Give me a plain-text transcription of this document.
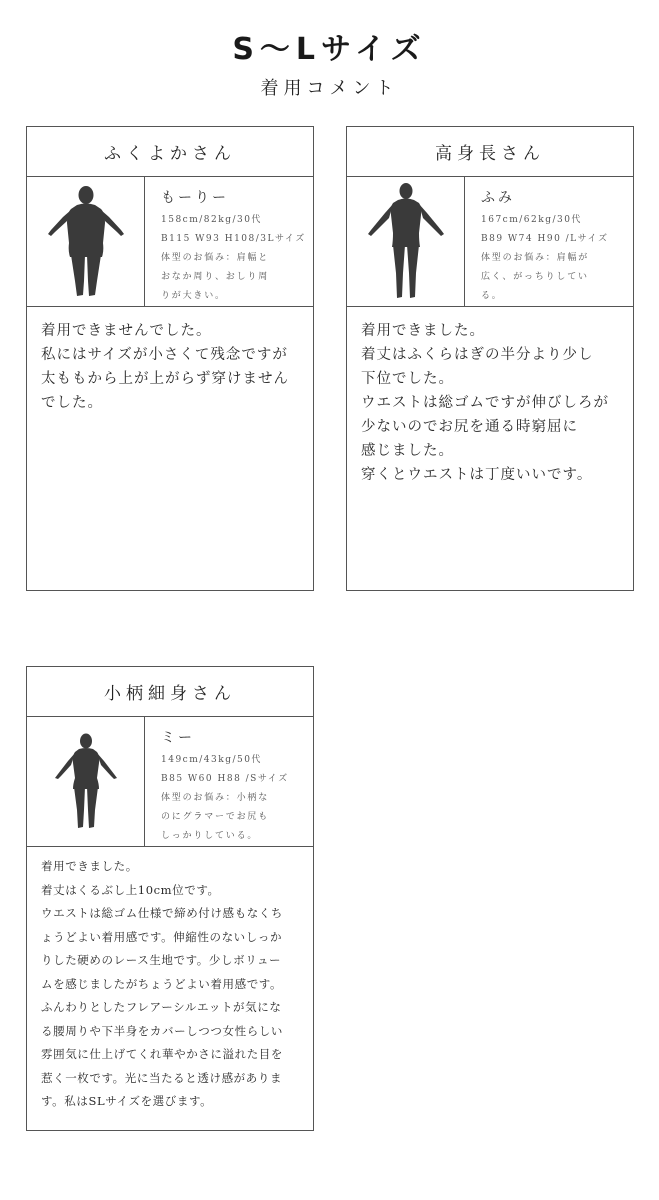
S～Lサイズ
着用コメント
ふくよかさん
もーりー
158cm/82kg/30代
B115 W93 H108/3Lサイズ
体型のお悩み：肩幅とおなか周り、おしり周りが大きい。

着用できませんでした。

私にはサイズが小さくて残念ですが

太ももから上が上がらず穿けません

でした。

高身長さん
ふみ
167cm/62kg/30代
B89 W74 H90 /Lサイズ
体型のお悩み：肩幅が広く、がっちりしている。

着用できました。

着丈はふくらはぎの半分より少し

下位でした。

ウエストは総ゴムですが伸びしろが

少ないのでお尻を通る時窮屈に

感じました。

穿くとウエストは丁度いいです。

小柄細身さん
ミー
149cm/43kg/50代
B85 W60 H88 /Sサイズ
体型のお悩み：小柄なのにグラマーでお尻もしっかりしている。

着用できました。

着丈はくるぶし上10cm位です。

ウエストは総ゴム仕様で締め付け感もなくち

ょうどよい着用感です。伸縮性のないしっか

りした硬めのレース生地です。少しボリュー

ムを感じましたがちょうどよい着用感です。

ふんわりとしたフレアーシルエットが気にな

る腰周りや下半身をカバーしつつ女性らしい

雰囲気に仕上げてくれ華やかさに溢れた目を

惹く一枚です。光に当たると透け感がありま

す。私はSLサイズを選びます。
